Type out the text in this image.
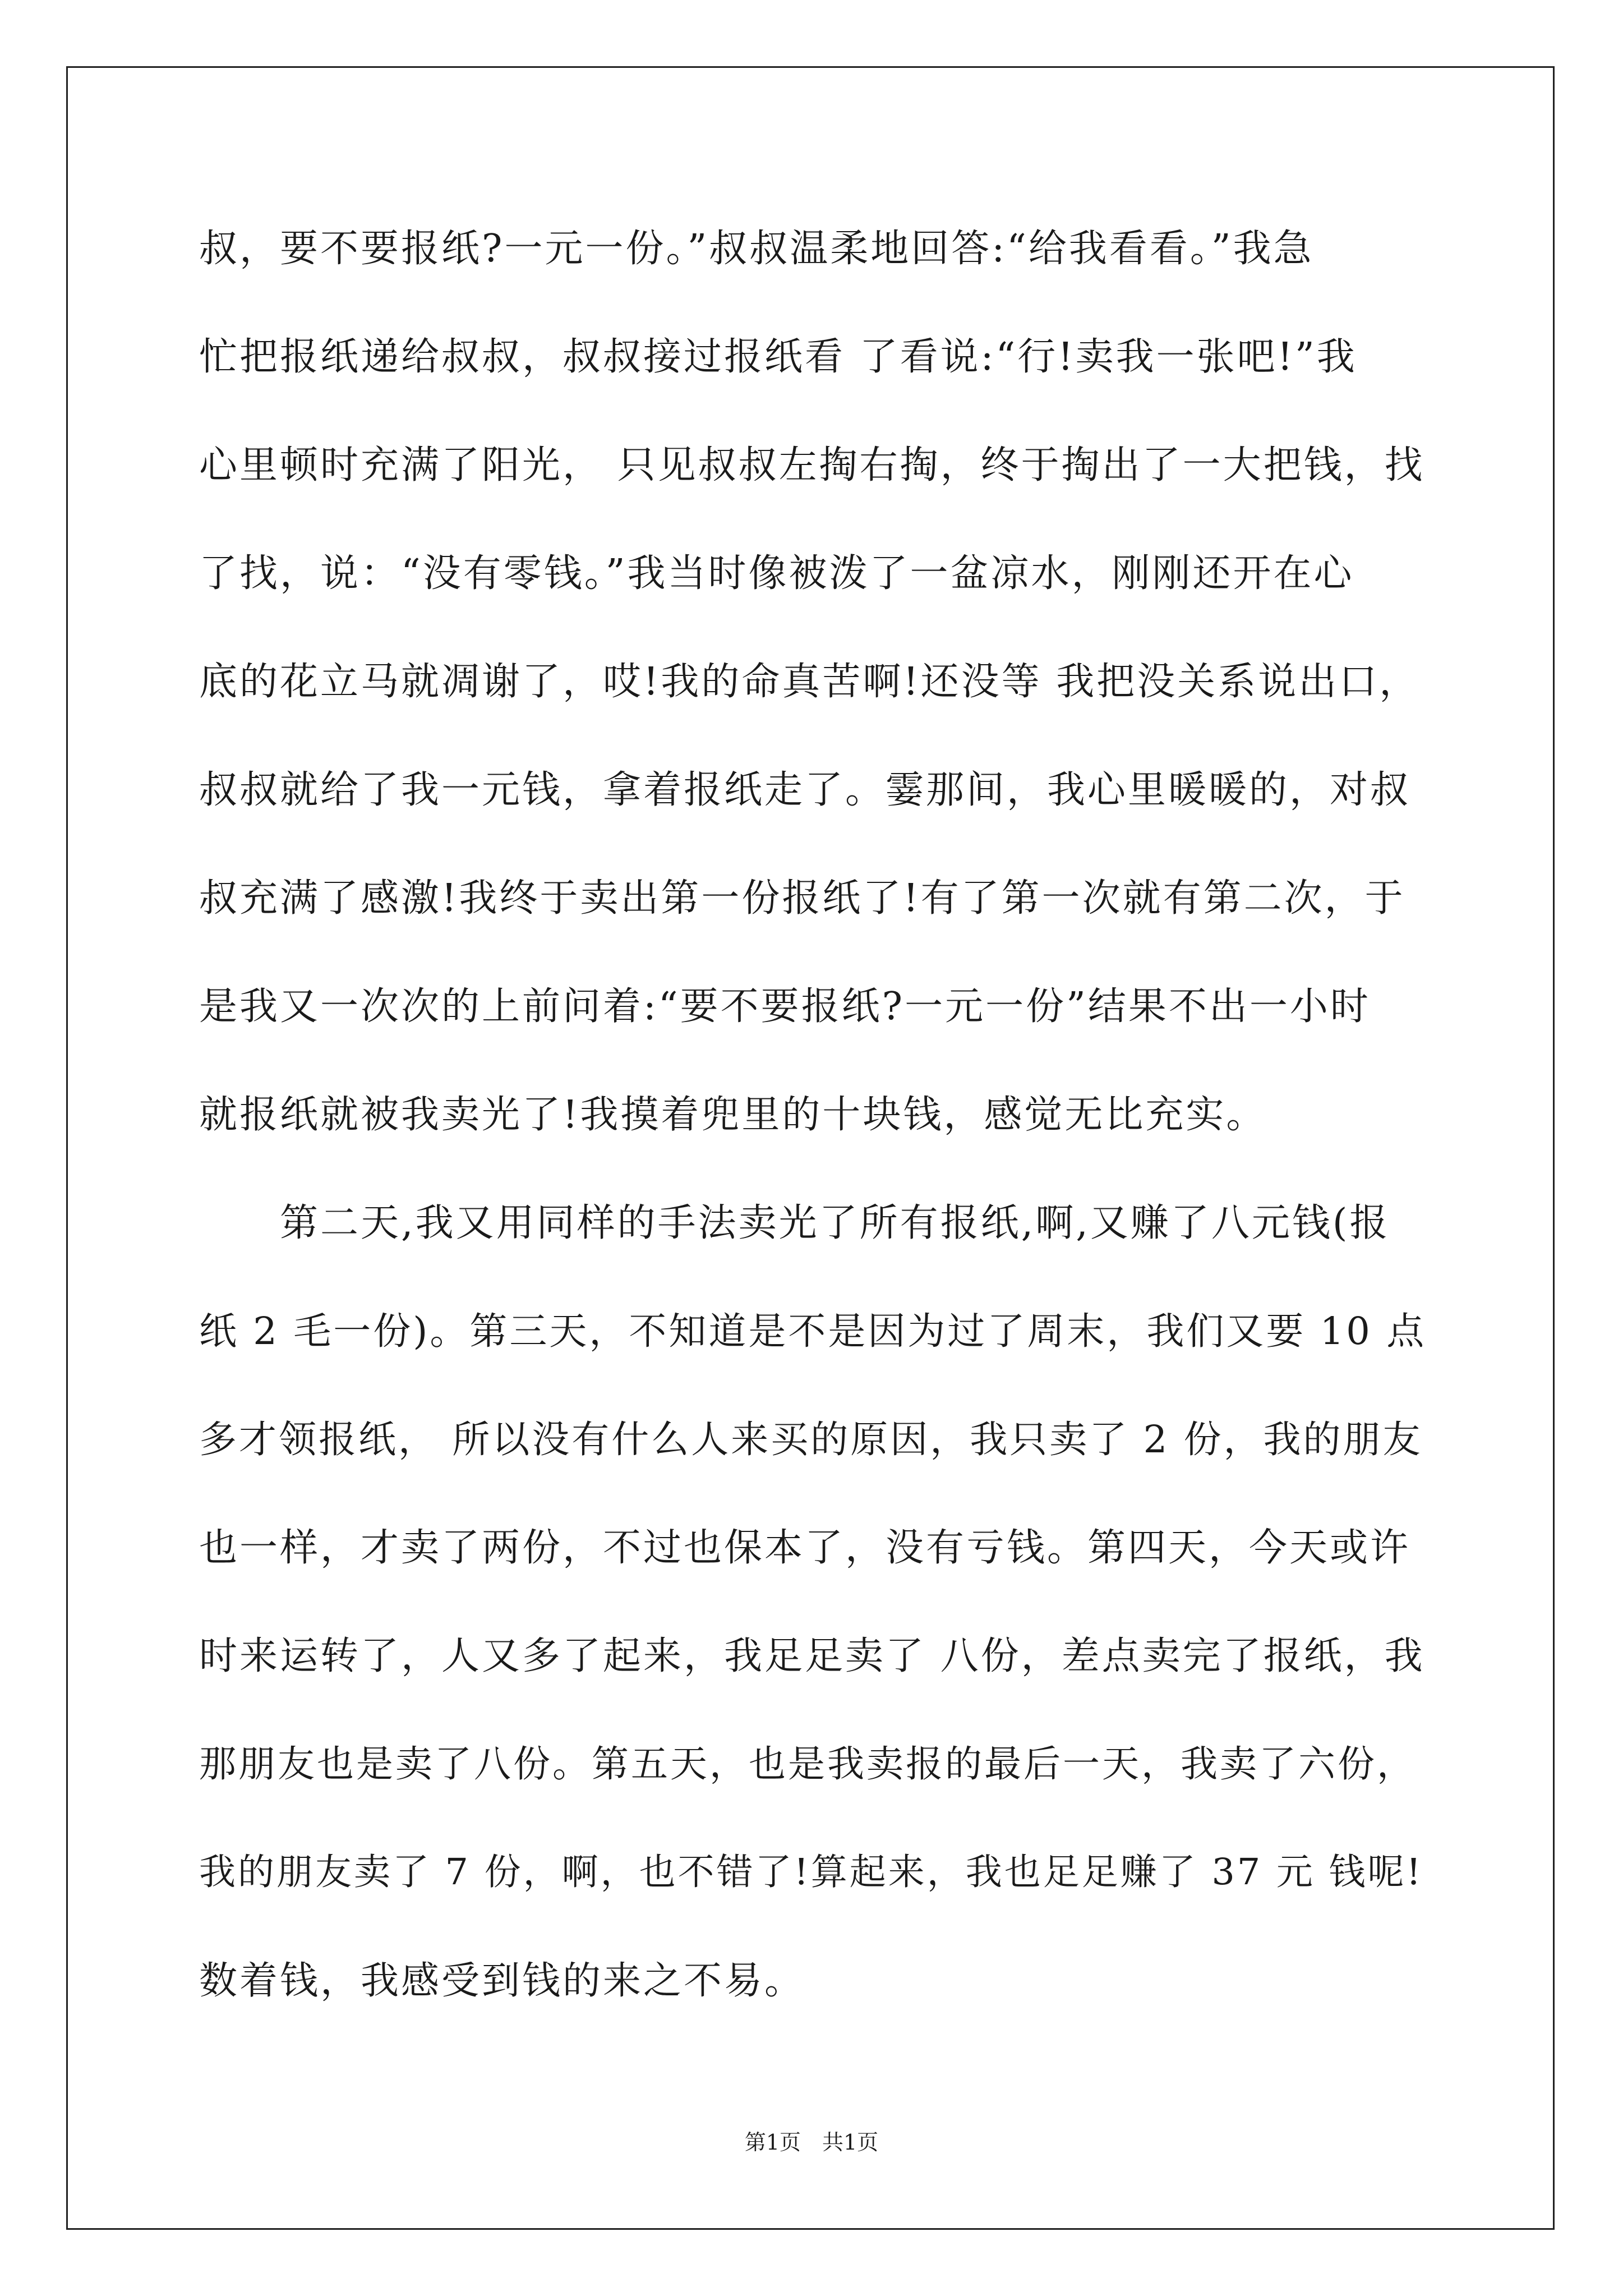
叔，要不要报纸?一元一份。”叔叔温柔地回答:“给我看看。”我急
忙把报纸递给叔叔，叔叔接过报纸看 了看说:“行!卖我一张吧!”我
心里顿时充满了阳光， 只见叔叔左掏右掏，终于掏出了一大把钱，找
了找，说：“没有零钱。”我当时像被泼了一盆凉水，刚刚还开在心
底的花立马就凋谢了，哎!我的命真苦啊!还没等 我把没关系说出口，
叔叔就给了我一元钱，拿着报纸走了。霎那间，我心里暖暖的，对叔
叔充满了感激!我终于卖出第一份报纸了!有了第一次就有第二次，于
是我又一次次的上前问着:“要不要报纸?一元一份”结果不出一小时
就报纸就被我卖光了!我摸着兜里的十块钱，感觉无比充实。
　　第二天,我又用同样的手法卖光了所有报纸,啊,又赚了八元钱(报
纸 2 毛一份)。第三天，不知道是不是因为过了周末，我们又要 10 点
多才领报纸， 所以没有什么人来买的原因，我只卖了 2 份，我的朋友
也一样，才卖了两份，不过也保本了，没有亏钱。第四天，今天或许
时来运转了，人又多了起来，我足足卖了 八份，差点卖完了报纸，我
那朋友也是卖了八份。第五天，也是我卖报的最后一天，我卖了六份，
我的朋友卖了 7 份，啊，也不错了!算起来，我也足足赚了 37 元 钱呢!
数着钱，我感受到钱的来之不易。
第1页　共1页
